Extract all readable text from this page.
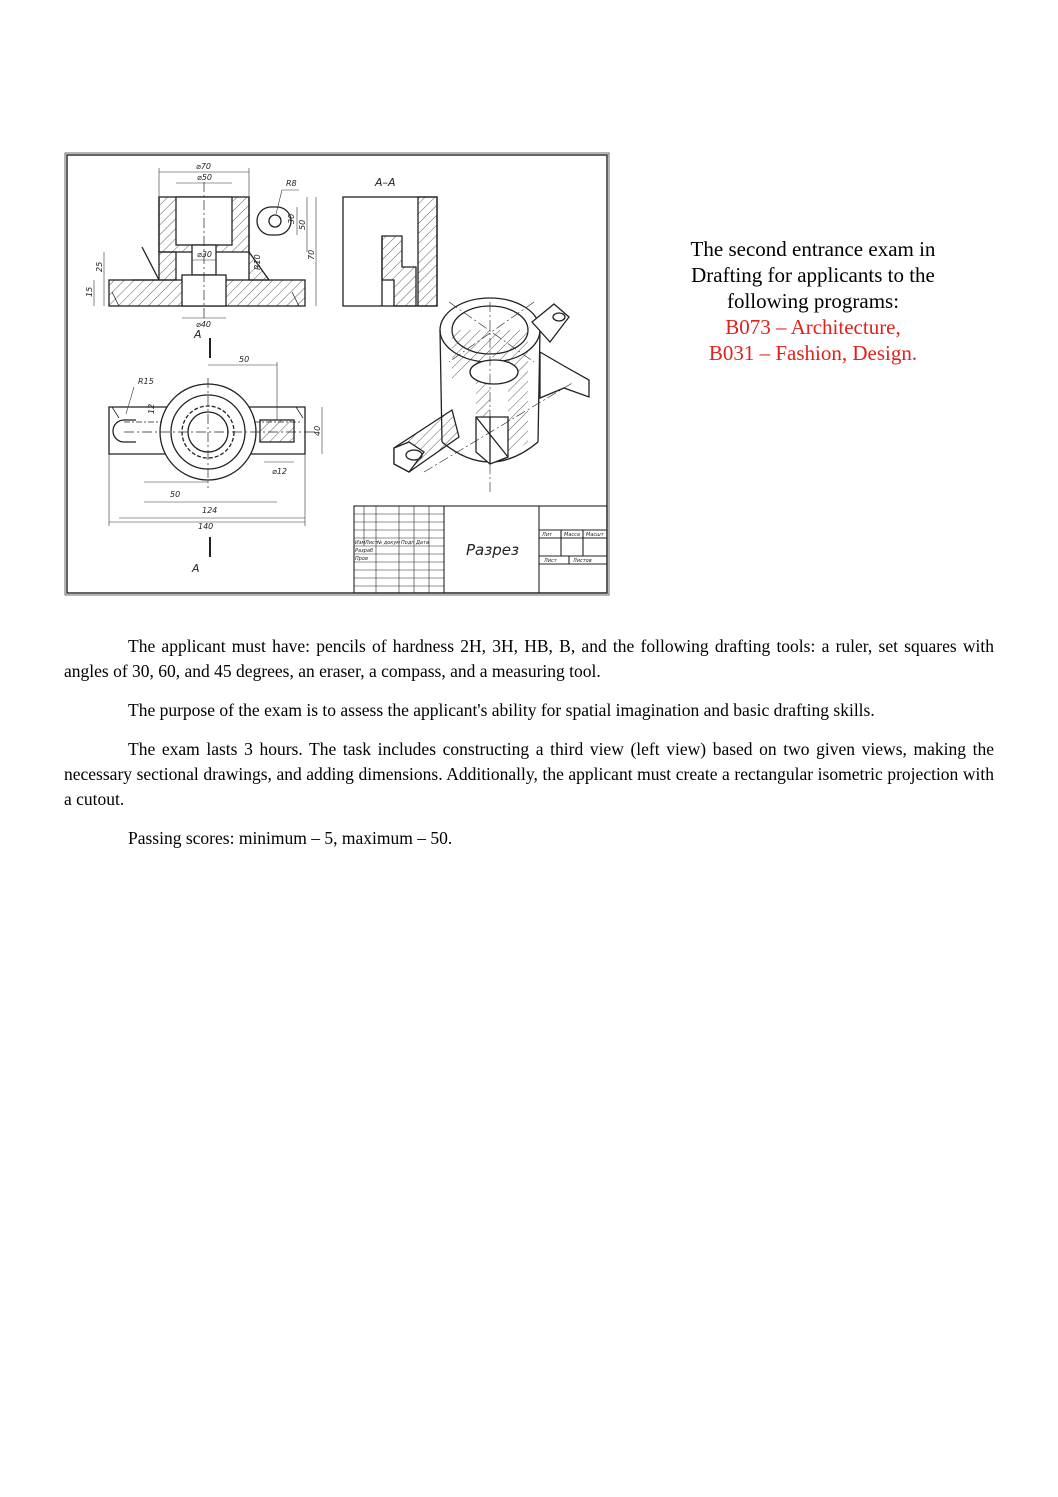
⌀70
⌀50
R8
30
50
70
25
15
⌀30	R10
⌀40
A–A
A
A
50
R15
12
40
⌀12
50
124
140
Разрез
Лит Масса Масшт
Лист	Листов
Изм Лист № докум Подп Дата
Разраб
Пров
The second entrance exam in
Drafting for applicants to the
following programs:
B073 – Architecture,
B031 – Fashion, Design.

The applicant must have: pencils of hardness 2H, 3H, HB, B, and the following drafting tools: a ruler, set squares with angles of 30, 60, and 45 degrees, an eraser, a compass, and a measuring tool.

The purpose of the exam is to assess the applicant's ability for spatial imagination and basic drafting skills.

The exam lasts 3 hours. The task includes constructing a third view (left view) based on two given views, making the necessary sectional drawings, and adding dimensions. Additionally, the applicant must create a rectangular isometric projection with a cutout.

Passing scores: minimum – 5, maximum – 50.
